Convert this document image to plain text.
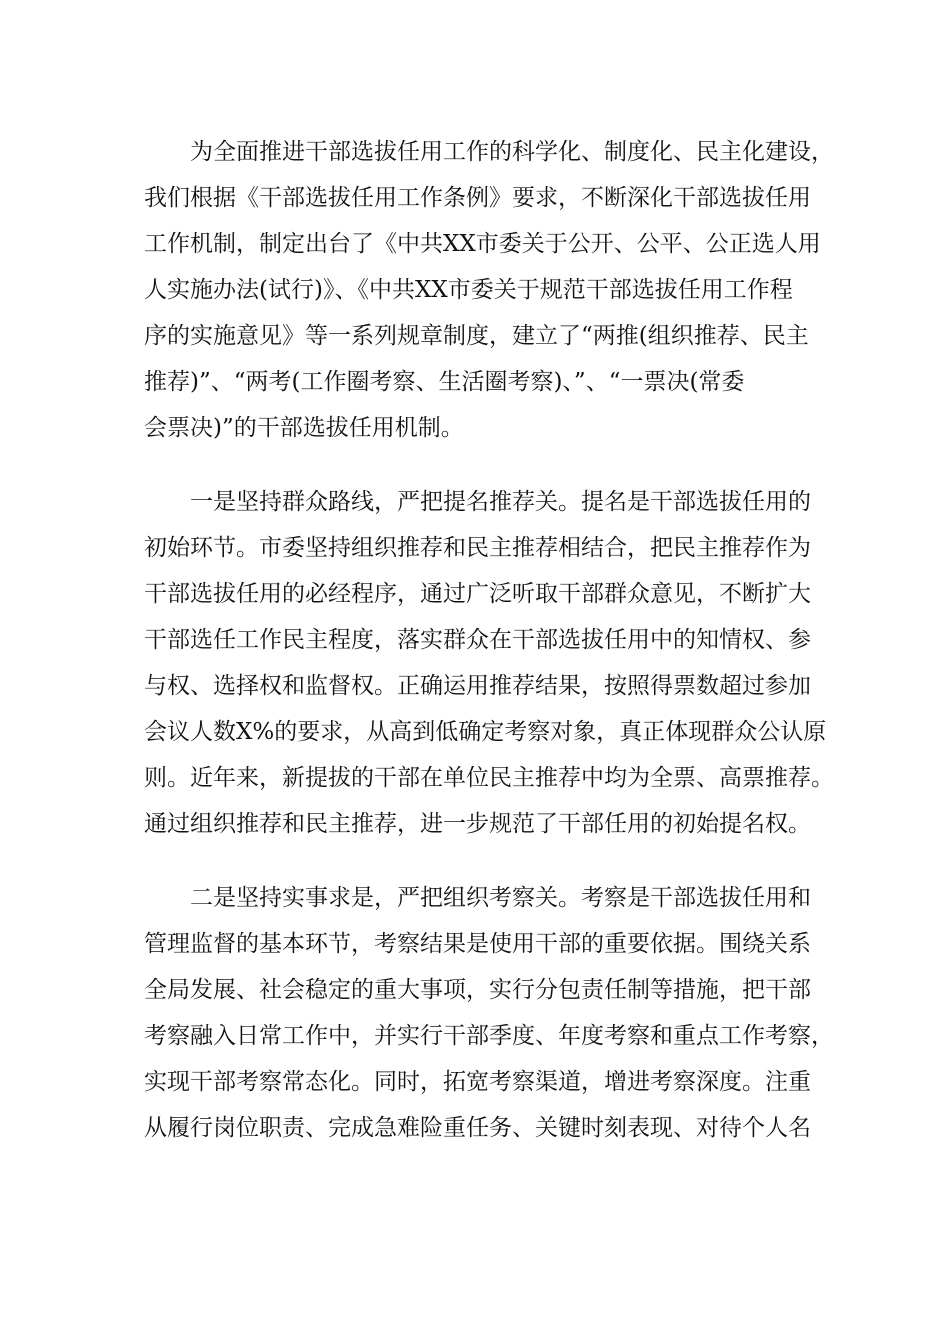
为全面推进干部选拔任用工作的科学化、制度化、民主化建设，
我们根据《干部选拔任用工作条例》要求，不断深化干部选拔任用
工作机制，制定出台了《中共XX市委关于公开、公平、公正选人用
人实施办法(试行)》、《中共XX市委关于规范干部选拔任用工作程
序的实施意见》等一系列规章制度，建立了“两推(组织推荐、民主
推荐)”、“两考(工作圈考察、生活圈考察)、”、“一票决(常委
会票决)”的干部选拔任用机制。
一是坚持群众路线，严把提名推荐关。提名是干部选拔任用的
初始环节。市委坚持组织推荐和民主推荐相结合，把民主推荐作为
干部选拔任用的必经程序，通过广泛听取干部群众意见，不断扩大
干部选任工作民主程度，落实群众在干部选拔任用中的知情权、参
与权、选择权和监督权。正确运用推荐结果，按照得票数超过参加
会议人数X%的要求，从高到低确定考察对象，真正体现群众公认原
则。近年来，新提拔的干部在单位民主推荐中均为全票、高票推荐。
通过组织推荐和民主推荐，进一步规范了干部任用的初始提名权。
二是坚持实事求是，严把组织考察关。考察是干部选拔任用和
管理监督的基本环节，考察结果是使用干部的重要依据。围绕关系
全局发展、社会稳定的重大事项，实行分包责任制等措施，把干部
考察融入日常工作中，并实行干部季度、年度考察和重点工作考察，
实现干部考察常态化。同时，拓宽考察渠道，增进考察深度。注重
从履行岗位职责、完成急难险重任务、关键时刻表现、对待个人名
